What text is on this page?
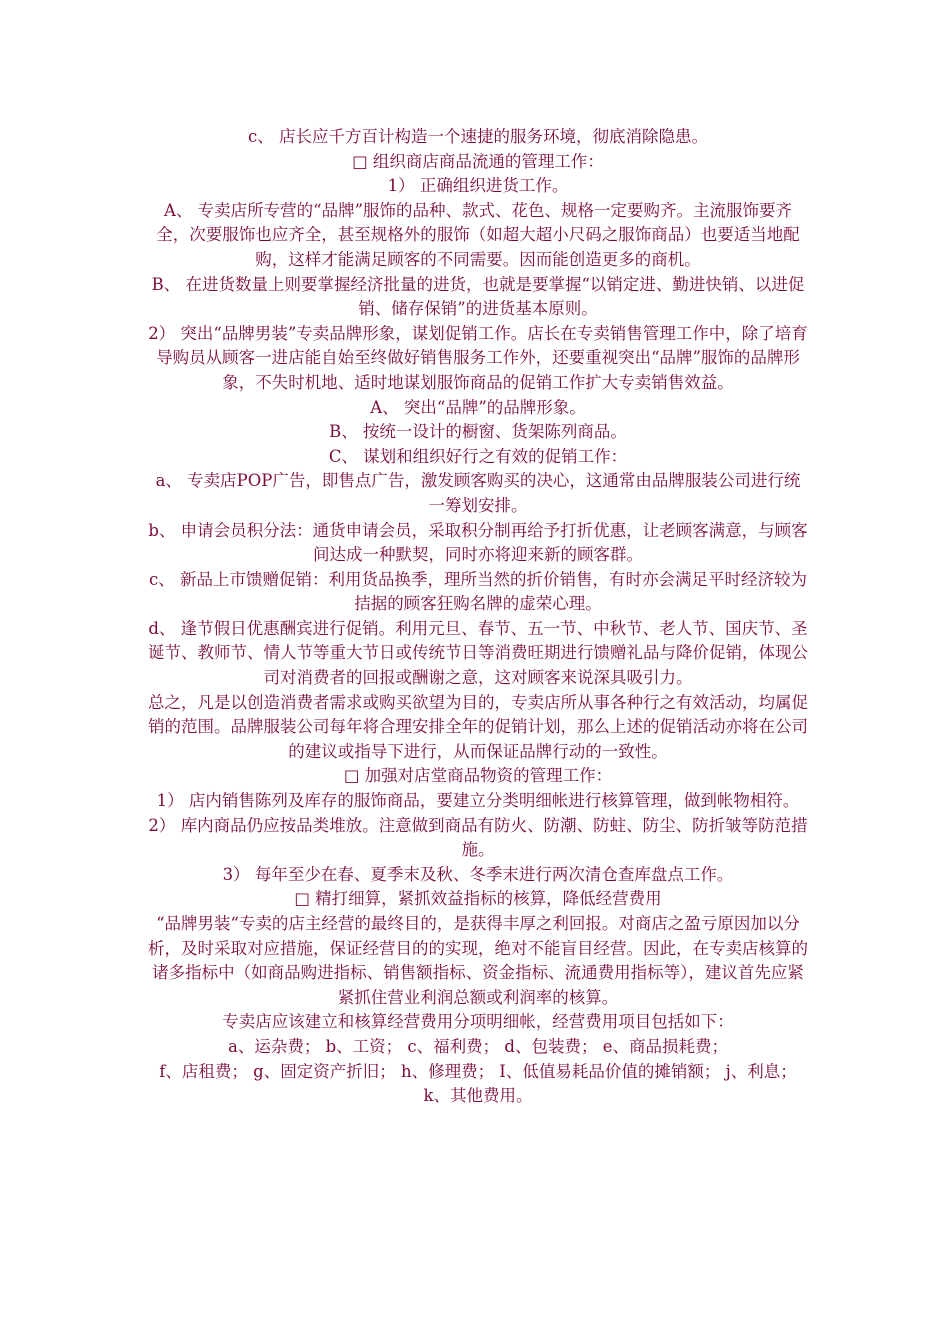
c、 店长应千方百计构造一个速捷的服务环境，彻底消除隐患。

□ 组织商店商品流通的管理工作：

1） 正确组织进货工作。

A、 专卖店所专营的“品牌”服饰的品种、款式、花色、规格一定要购齐。主流服饰要齐全，次要服饰也应齐全，甚至规格外的服饰（如超大超小尺码之服饰商品）也要适当地配购，这样才能满足顾客的不同需要。因而能创造更多的商机。

B、 在进货数量上则要掌握经济批量的进货，也就是要掌握“以销定进、勤进快销、以进促销、储存保销”的进货基本原则。

2） 突出“品牌男装”专卖品牌形象，谋划促销工作。店长在专卖销售管理工作中，除了培育导购员从顾客一进店能自始至终做好销售服务工作外，还要重视突出“品牌”服饰的品牌形象，不失时机地、适时地谋划服饰商品的促销工作扩大专卖销售效益。

A、 突出“品牌”的品牌形象。

B、 按统一设计的橱窗、货架陈列商品。

C、 谋划和组织好行之有效的促销工作：

a、 专卖店POP广告，即售点广告，激发顾客购买的决心，这通常由品牌服装公司进行统一筹划安排。

b、 申请会员积分法：通货申请会员，采取积分制再给予打折优惠，让老顾客满意，与顾客间达成一种默契，同时亦将迎来新的顾客群。

c、 新品上市馈赠促销：利用货品换季，理所当然的折价销售，有时亦会满足平时经济较为拮据的顾客狂购名牌的虚荣心理。

d、 逢节假日优惠酬宾进行促销。利用元旦、春节、五一节、中秋节、老人节、国庆节、圣诞节、教师节、情人节等重大节日或传统节日等消费旺期进行馈赠礼品与降价促销，体现公司对消费者的回报或酬谢之意，这对顾客来说深具吸引力。

总之，凡是以创造消费者需求或购买欲望为目的，专卖店所从事各种行之有效活动，均属促销的范围。品牌服装公司每年将合理安排全年的促销计划，那么上述的促销活动亦将在公司的建议或指导下进行，从而保证品牌行动的一致性。

□ 加强对店堂商品物资的管理工作：

1） 店内销售陈列及库存的服饰商品，要建立分类明细帐进行核算管理，做到帐物相符。

2） 库内商品仍应按品类堆放。注意做到商品有防火、防潮、防蛀、防尘、防折皱等防范措施。

3） 每年至少在春、夏季末及秋、冬季末进行两次清仓查库盘点工作。

□ 精打细算，紧抓效益指标的核算，降低经营费用

“品牌男装“专卖的店主经营的最终目的，是获得丰厚之利回报。对商店之盈亏原因加以分析，及时采取对应措施，保证经营目的的实现，绝对不能盲目经营。因此，在专卖店核算的诸多指标中（如商品购进指标、销售额指标、资金指标、流通费用指标等），建议首先应紧紧抓住营业利润总额或利润率的核算。

专卖店应该建立和核算经营费用分项明细帐，经营费用项目包括如下：

a、运杂费； b、工资； c、福利费； d、包装费； e、商品损耗费；

f、店租费； g、固定资产折旧； h、修理费； I、低值易耗品价值的摊销额； j、利息； k、其他费用。
